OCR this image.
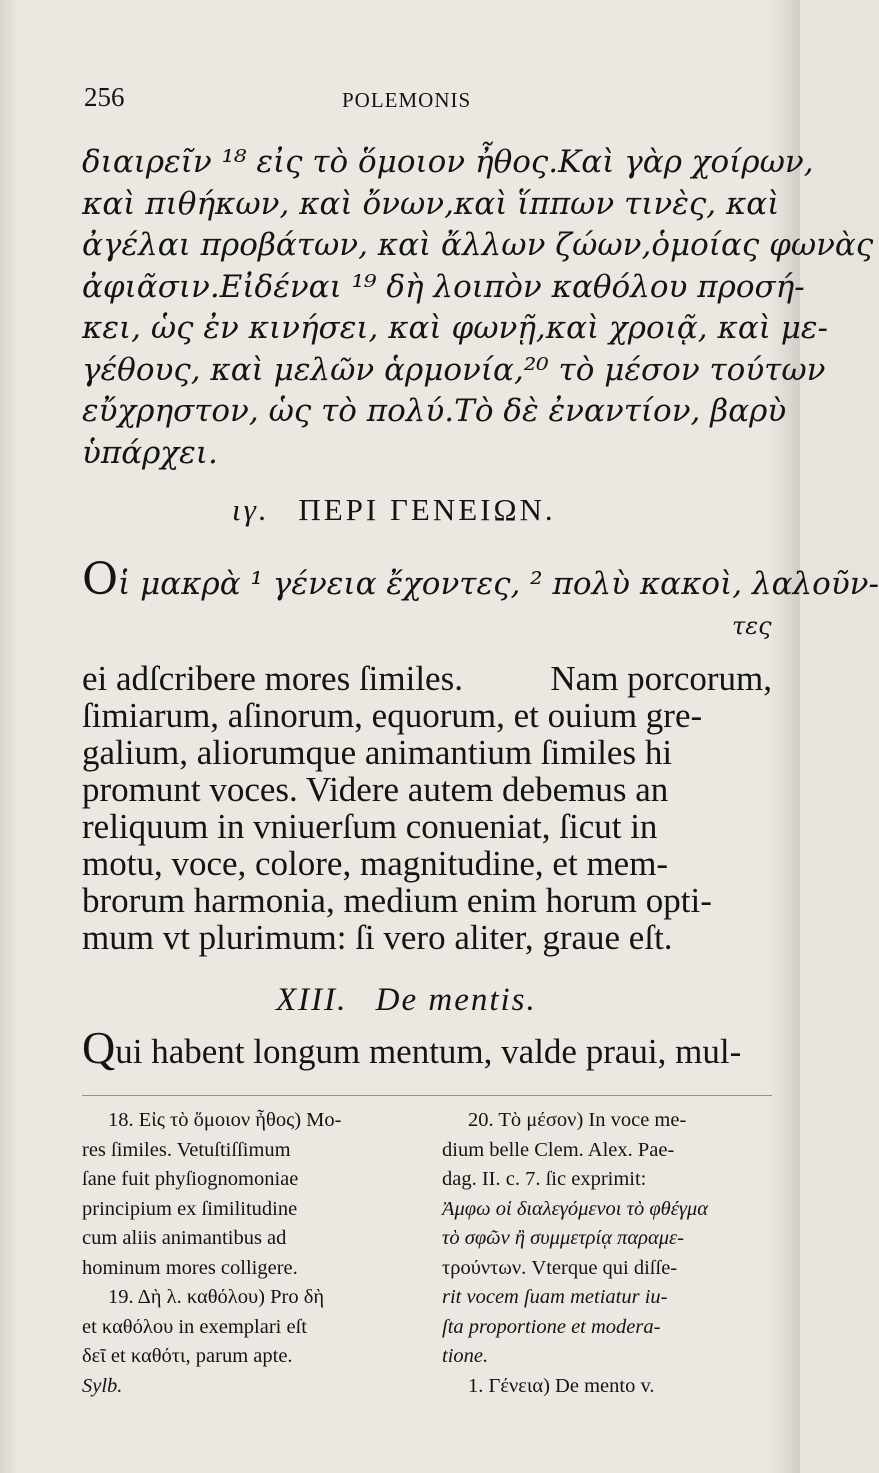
256	POLEMONIS
διαιρεῖν ¹⁸ εἰς τὸ ὅμοιον ἦθος. Καὶ γὰρ χοίρων,
καὶ πιθήκων, καὶ ὄνων, καὶ ἵππων τινὲς, καὶ
ἀγέλαι προβάτων, καὶ ἄλλων ζώων, ὁμοίας φωνὰς
ἀφιᾶσιν. Εἰδέναι ¹⁹ δὴ λοιπὸν καθόλου προσή-
κει, ὡς ἐν κινήσει, καὶ φωνῇ, καὶ χροιᾷ, καὶ με-
γέθους, καὶ μελῶν ἁρμονία, ²⁰ τὸ μέσον τούτων
εὔχρηστον, ὡς τὸ πολύ. Τὸ δὲ ἐναντίον, βαρὺ
ὑπάρχει.
ιγ. ΠΕΡΙ ΓΕΝΕΙΩΝ.
Oἱ μακρὰ ¹ γένεια ἔχοντες, ² πολὺ κακοὶ, λαλοῦν-
τες
ei adſcribere mores ſimiles. Nam porcorum,
ſimiarum, aſinorum, equorum, et ouium gre-
galium, aliorumque animantium ſimiles hi
promunt voces. Videre autem debemus an
reliquum in vniuerſum conueniat, ſicut in
motu, voce, colore, magnitudine, et mem-
brorum harmonia, medium enim horum opti-
mum vt plurimum: ſi vero aliter, graue eſt.
XIII. De mentis.
Qui habent longum mentum, valde praui, mul-
18. Εἰς τὸ ὅμοιον ἦθος) Mo-
res ſimiles. Vetuſtiſſimum
ſane fuit phyſiognomoniae
principium ex ſimilitudine
cum aliis animantibus ad
hominum mores colligere.
19. Δὴ λ. καθόλου) Pro δὴ
et καθόλου in exemplari eſt
δεῖ et καθότι, parum apte.
Sylb.
20. Τὸ μέσον) In voce me-
dium belle Clem. Alex. Pae-
dag. II. c. 7. ſic exprimit:
Ἀμφω οἱ διαλεγόμενοι τὸ φθέγμα
τὸ σφῶν ἢ συμμετρίᾳ παραμε-
τρούντων. Vterque qui diſſe-
rit vocem ſuam metiatur iu-
ſta proportione et modera-
tione.
1. Γένεια) De mento v.
